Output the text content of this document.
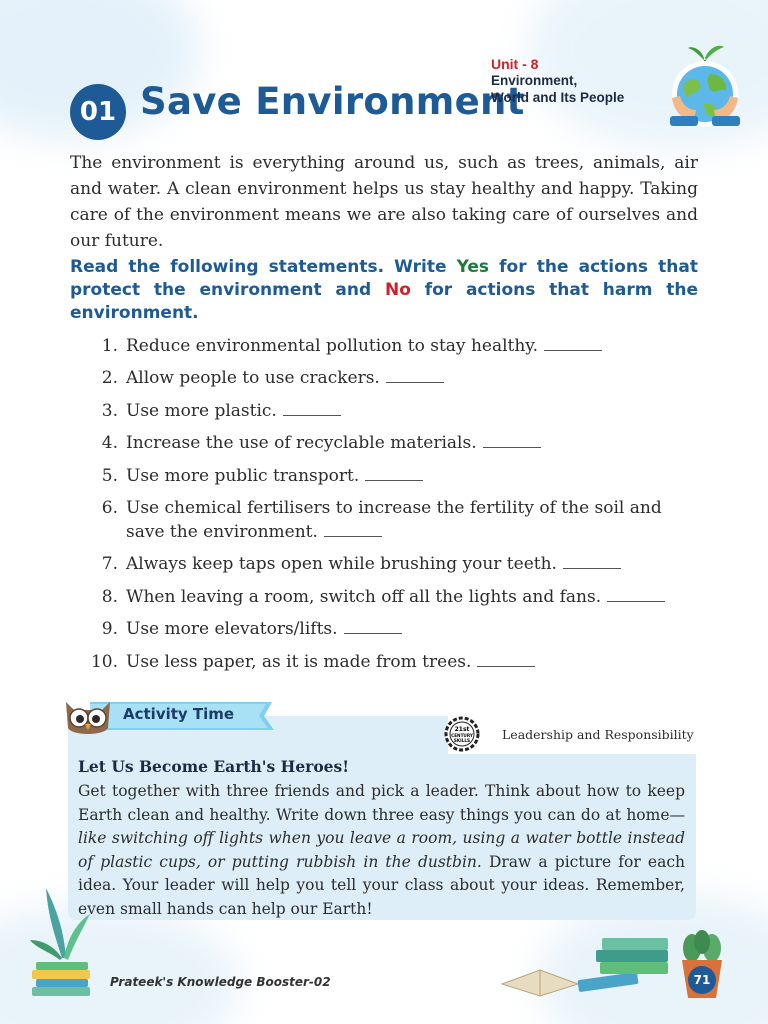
01 Save Environment
Unit - 8
Environment,
World and Its People

The environment is everything around us, such as trees, animals, air and water. A clean environment helps us stay healthy and happy. Taking care of the environment means we are also taking care of ourselves and our future.

Read the following statements. Write Yes for the actions that protect the environment and No for actions that harm the environment.

1. Reduce environmental pollution to stay healthy.
2. Allow people to use crackers.
3. Use more plastic.
4. Increase the use of recyclable materials.
5. Use more public transport.
6. Use chemical fertilisers to increase the fertility of the soil and save the environment.
7. Always keep taps open while brushing your teeth.
8. When leaving a room, switch off all the lights and fans.
9. Use more elevators/lifts.
10. Use less paper, as it is made from trees.
21st
CENTURY
SKILLS	Leadership and Responsibility
Activity Time
Let Us Become Earth's Heroes!

Get together with three friends and pick a leader. Think about how to keep Earth clean and healthy. Write down three easy things you can do at home—like switching off lights when you leave a room, using a water bottle instead of plastic cups, or putting rubbish in the dustbin. Draw a picture for each idea. Your leader will help you tell your class about your ideas. Remember, even small hands can help our Earth!

71
Prateek's Knowledge Booster-02
